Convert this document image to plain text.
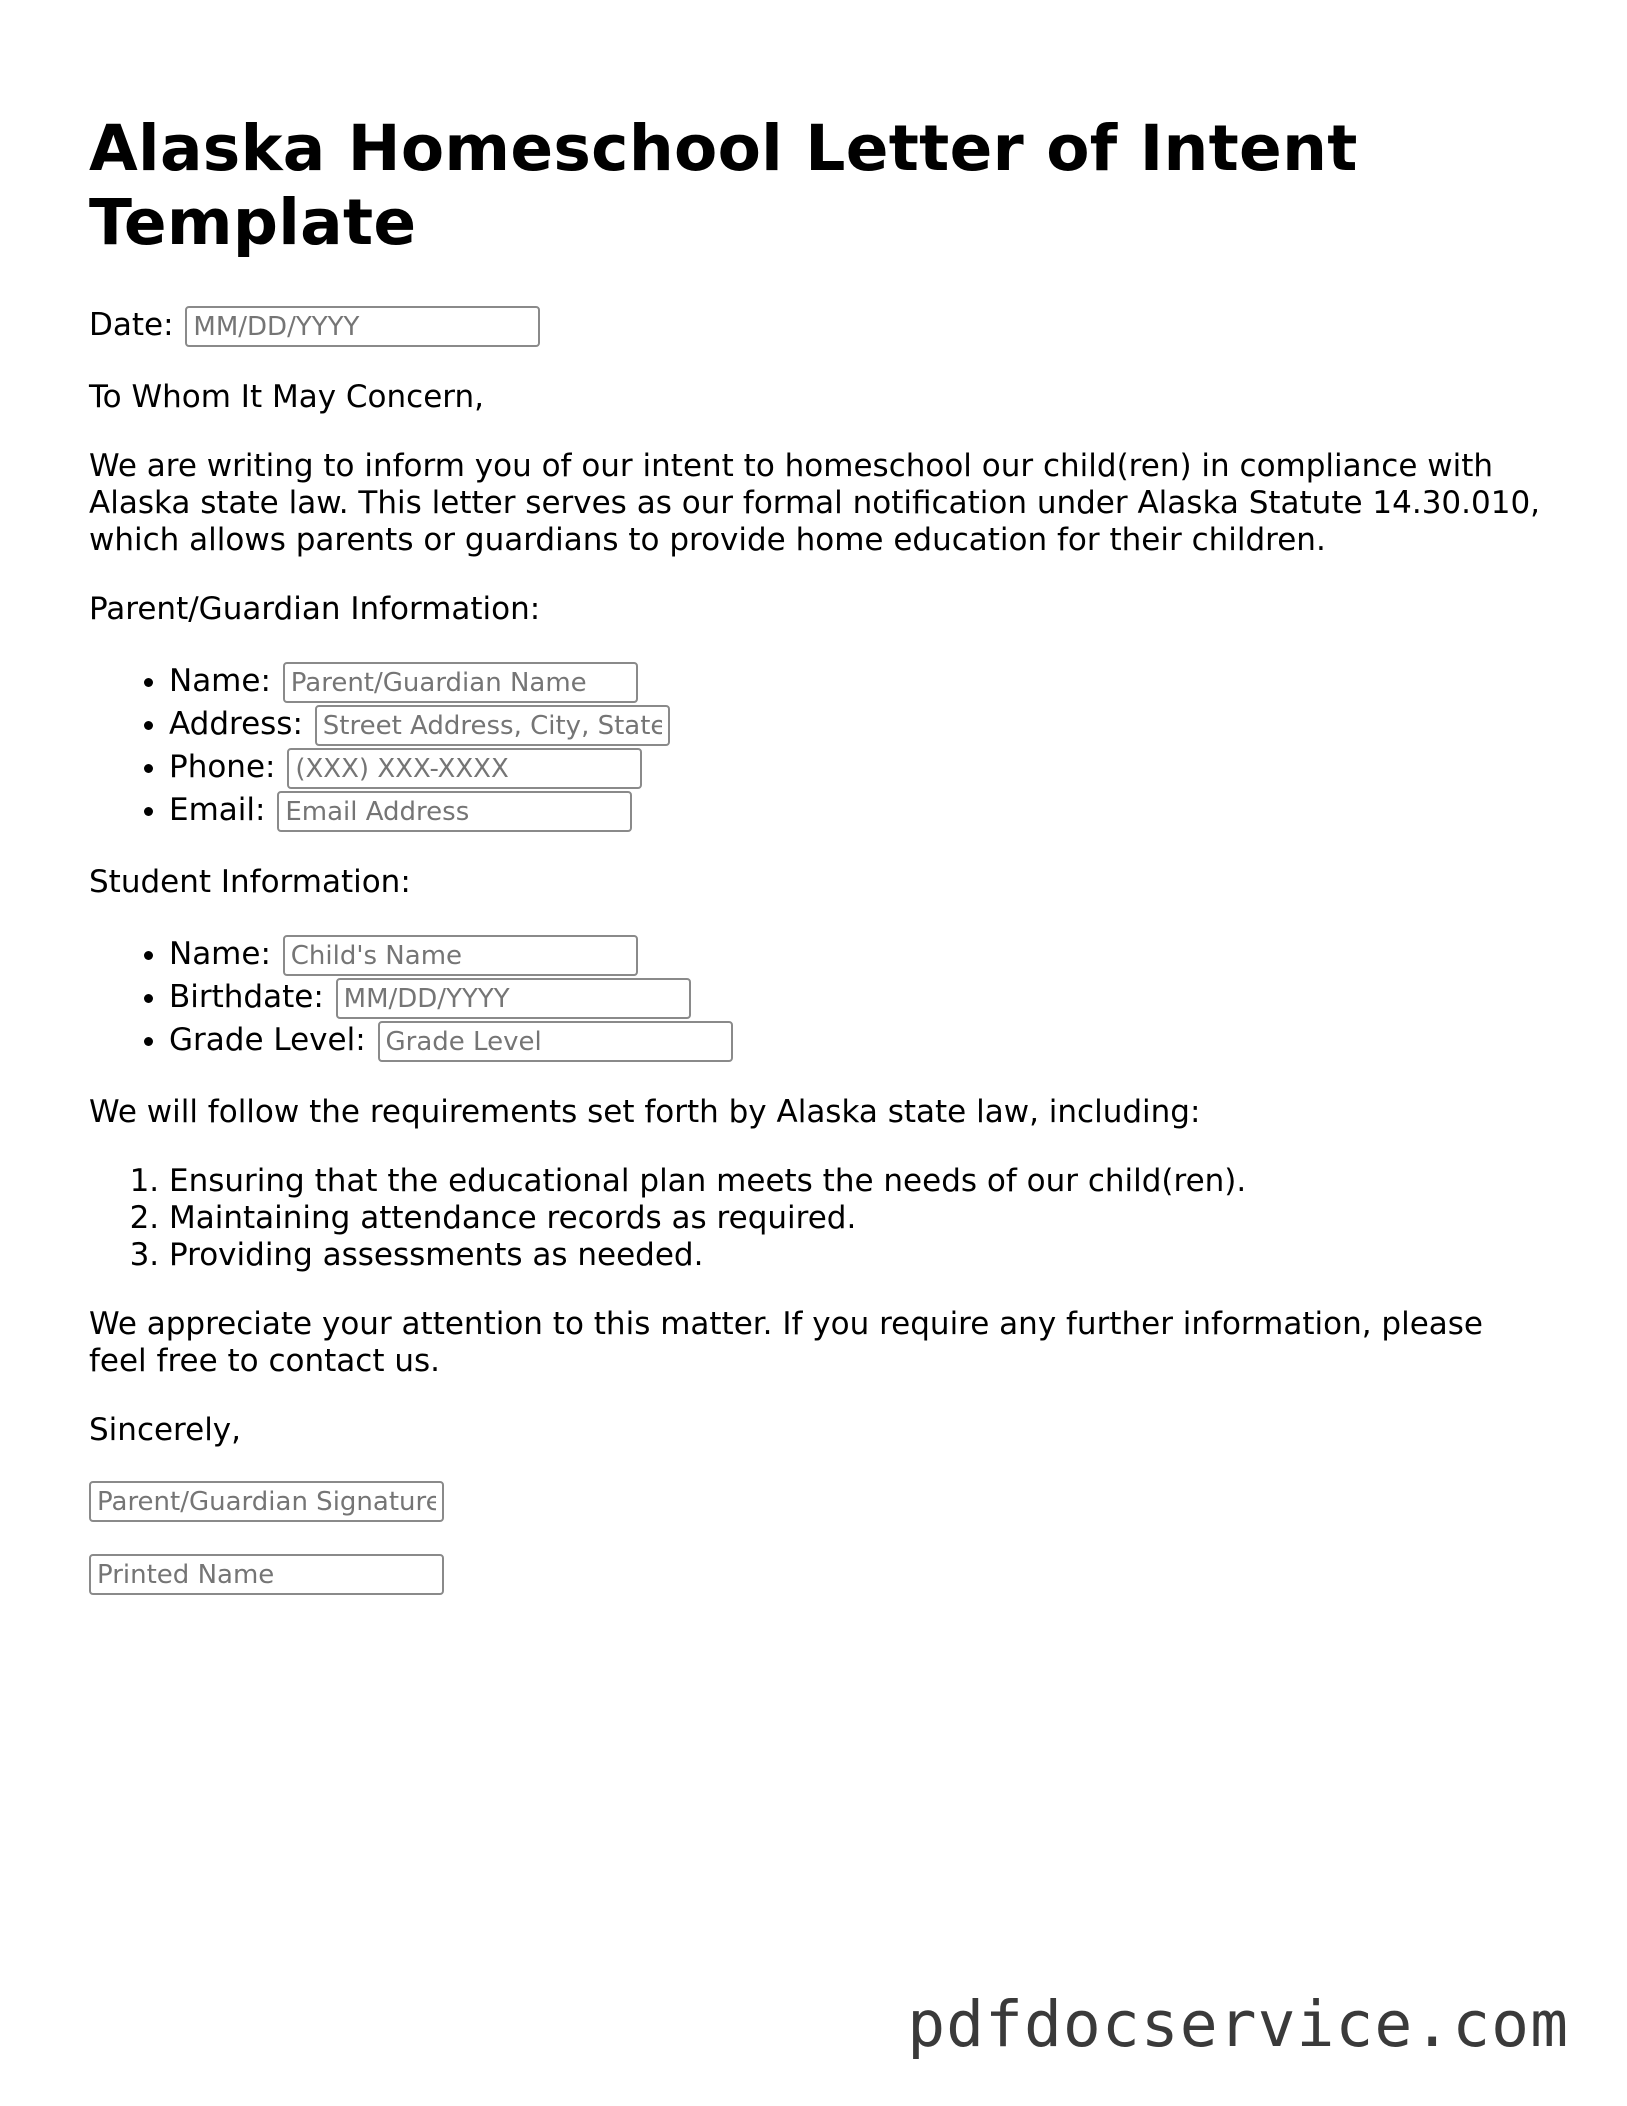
Alaska Homeschool Letter of Intent Template

Date: MM/DD/YYYY

To Whom It May Concern,

We are writing to inform you of our intent to homeschool our child(ren) in compliance with Alaska state law. This letter serves as our formal notification under Alaska Statute 14.30.010, which allows parents or guardians to provide home education for their children.

Parent/Guardian Information:

• Name: Parent/Guardian Name
• Address: Street Address, City, State
• Phone: (XXX) XXX-XXXX
• Email: Email Address

Student Information:

• Name: Child's Name
• Birthdate: MM/DD/YYYY
• Grade Level: Grade Level

We will follow the requirements set forth by Alaska state law, including:

1. Ensuring that the educational plan meets the needs of our child(ren).
2. Maintaining attendance records as required.
3. Providing assessments as needed.

We appreciate your attention to this matter. If you require any further information, please feel free to contact us.

Sincerely,

Parent/Guardian Signature
Printed Name
pdfdocservice.com
